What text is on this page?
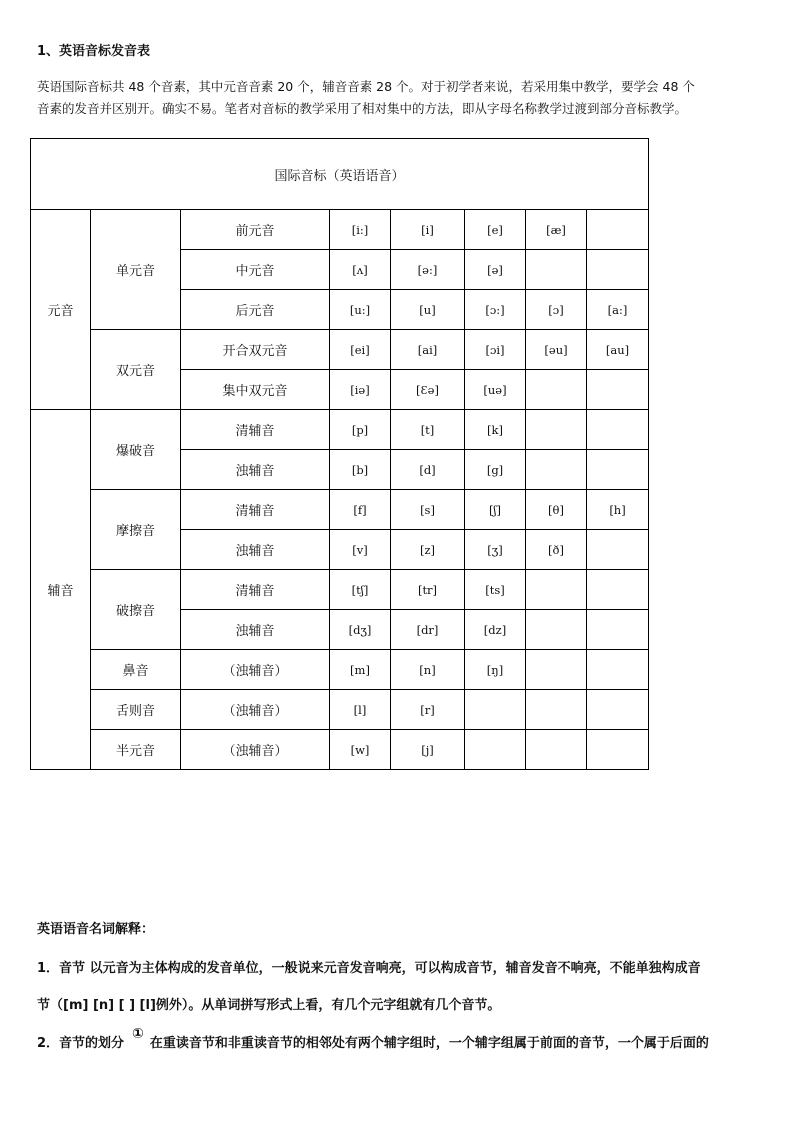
1、英语音标发音表
英语国际音标共 48 个音素，其中元音音素 20 个，辅音音素 28 个。对于初学者来说，若采用集中教学，要学会 48 个
音素的发音并区别开。确实不易。笔者对音标的教学采用了相对集中的方法，即从字母名称教学过渡到部分音标教学。
国际音标（英语语音）							
元音	单元音	前元音	[i:]	[i]	[e]	[æ]	
		中元音	[ʌ]	[ə:]	[ə]		
		后元音	[u:]	[u]	[ɔ:]	[ɔ]	[a:]
	双元音	开合双元音	[ei]	[ai]	[ɔi]	[əu]	[au]
		集中双元音	[iə]	[Ɛə]	[uə]		
辅音	爆破音	清辅音	[p]	[t]	[k]		
		浊辅音	[b]	[d]	[g]		
	摩擦音	清辅音	[f]	[s]	[ʃ]	[θ]	[h]
		浊辅音	[v]	[z]	[ʒ]	[ð]	
	破擦音	清辅音	[tʃ]	[tr]	[ts]		
		浊辅音	[dʒ]	[dr]	[dz]		
	鼻音	（浊辅音）	[m]	[n]	[ŋ]		
	舌则音	（浊辅音）	[l]	[r]			
	半元音	（浊辅音）	[w]	[j]			
英语语音名词解释：
1．音节 以元音为主体构成的发音单位，一般说来元音发音响亮，可以构成音节，辅音发音不响亮，不能单独构成音
节（[m] [n] [ ] [l]例外）。从单词拼写形式上看，有几个元字组就有几个音节。
2．音节的划分①在重读音节和非重读音节的相邻处有两个辅字组时，一个辅字组属于前面的音节，一个属于后面的
